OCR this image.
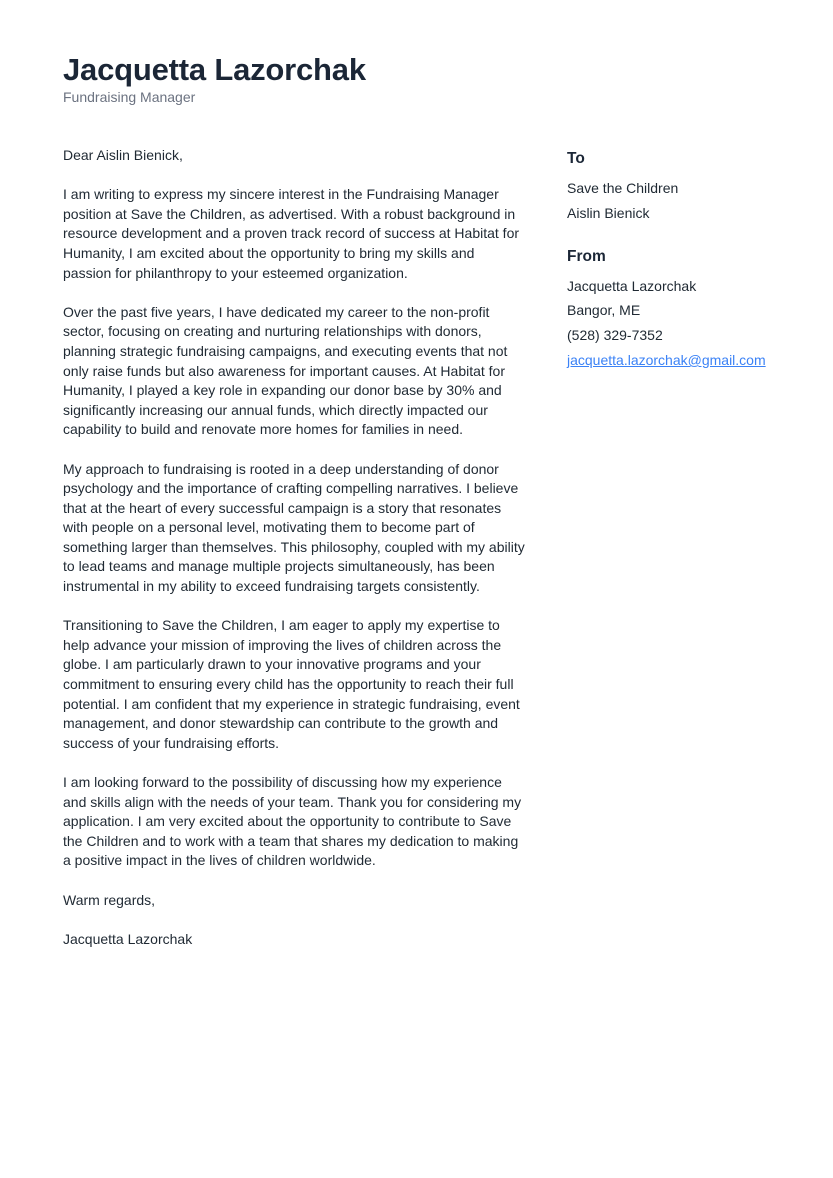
Jacquetta Lazorchak
Fundraising Manager

Dear Aislin Bienick,

I am writing to express my sincere interest in the Fundraising Manager position at Save the Children, as advertised. With a robust background in resource development and a proven track record of success at Habitat for Humanity, I am excited about the opportunity to bring my skills and passion for philanthropy to your esteemed organization.

Over the past five years, I have dedicated my career to the non-profit sector, focusing on creating and nurturing relationships with donors, planning strategic fundraising campaigns, and executing events that not only raise funds but also awareness for important causes. At Habitat for Humanity, I played a key role in expanding our donor base by 30% and significantly increasing our annual funds, which directly impacted our capability to build and renovate more homes for families in need.

My approach to fundraising is rooted in a deep understanding of donor psychology and the importance of crafting compelling narratives. I believe that at the heart of every successful campaign is a story that resonates with people on a personal level, motivating them to become part of something larger than themselves. This philosophy, coupled with my ability to lead teams and manage multiple projects simultaneously, has been instrumental in my ability to exceed fundraising targets consistently.

Transitioning to Save the Children, I am eager to apply my expertise to help advance your mission of improving the lives of children across the globe. I am particularly drawn to your innovative programs and your commitment to ensuring every child has the opportunity to reach their full potential. I am confident that my experience in strategic fundraising, event management, and donor stewardship can contribute to the growth and success of your fundraising efforts.

I am looking forward to the possibility of discussing how my experience and skills align with the needs of your team. Thank you for considering my application. I am very excited about the opportunity to contribute to Save the Children and to work with a team that shares my dedication to making a positive impact in the lives of children worldwide.

Warm regards,

Jacquetta Lazorchak

To
Save the Children
Aislin Bienick
From
Jacquetta Lazorchak
Bangor, ME
(528) 329-7352
jacquetta.lazorchak@gmail.com
